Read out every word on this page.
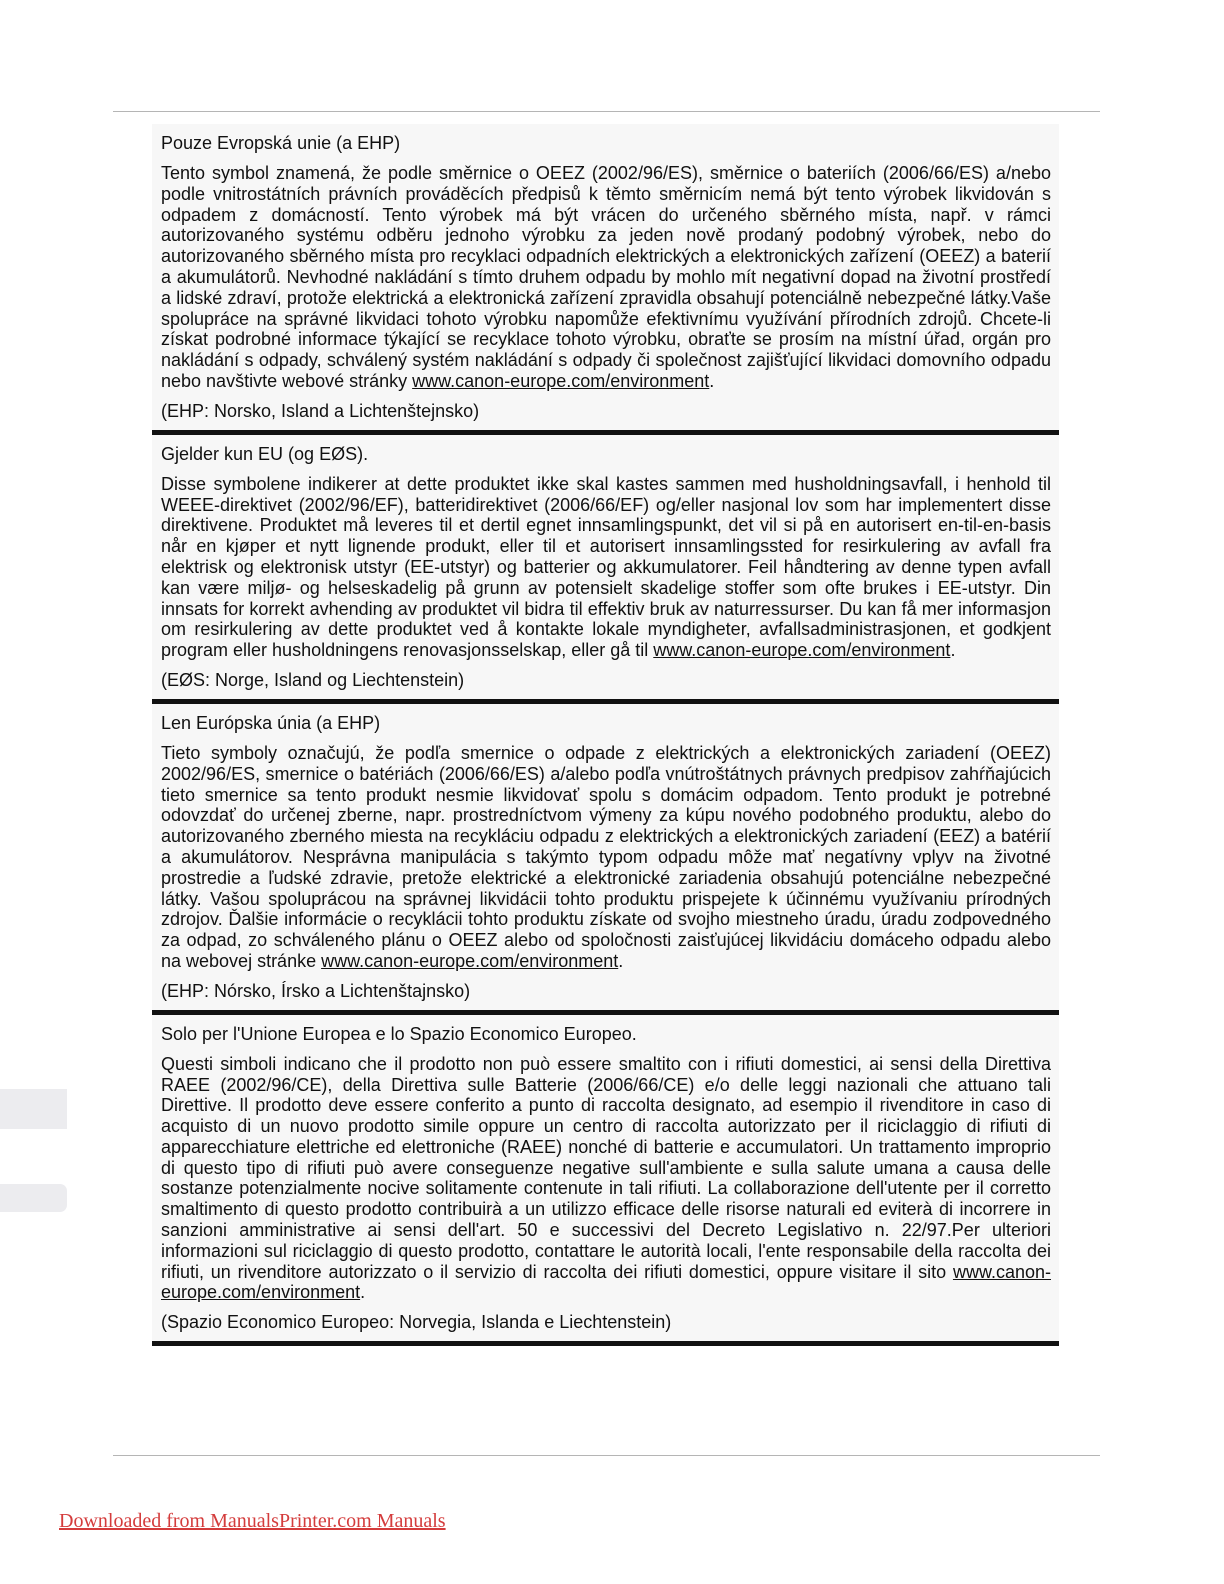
Pouze Evropská unie (a EHP)

Tento symbol znamená, že podle směrnice o OEEZ (2002/96/ES), směrnice o bateriích (2006/66/ES) a/nebo podle vnitrostátních právních prováděcích předpisů k těmto směrnicím nemá být tento výrobek likvidován s odpadem z domácností. Tento výrobek má být vrácen do určeného sběrného místa, např. v rámci autorizovaného systému odběru jednoho výrobku za jeden nově prodaný podobný výrobek, nebo do autorizovaného sběrného místa pro recyklaci odpadních elektrických a elektronických zařízení (OEEZ) a baterií a akumulátorů. Nevhodné nakládání s tímto druhem odpadu by mohlo mít negativní dopad na životní prostředí a lidské zdraví, protože elektrická a elektronická zařízení zpravidla obsahují potenciálně nebezpečné látky.Vaše spolupráce na správné likvidaci tohoto výrobku napomůže efektivnímu využívání přírodních zdrojů. Chcete-li získat podrobné informace týkající se recyklace tohoto výrobku, obraťte se prosím na místní úřad, orgán pro nakládání s odpady, schválený systém nakládání s odpady či společnost zajišťující likvidaci domovního odpadu nebo navštivte webové stránky www.canon-europe.com/environment.

(EHP: Norsko, Island a Lichtenštejnsko)

Gjelder kun EU (og EØS).

Disse symbolene indikerer at dette produktet ikke skal kastes sammen med husholdningsavfall, i henhold til WEEE-direktivet (2002/96/EF), batteridirektivet (2006/66/EF) og/eller nasjonal lov som har implementert disse direktivene. Produktet må leveres til et dertil egnet innsamlingspunkt, det vil si på en autorisert en-til-en-basis når en kjøper et nytt lignende produkt, eller til et autorisert innsamlingssted for resirkulering av avfall fra elektrisk og elektronisk utstyr (EE-utstyr) og batterier og akkumulatorer. Feil håndtering av denne typen avfall kan være miljø- og helseskadelig på grunn av potensielt skadelige stoffer som ofte brukes i EE-utstyr. Din innsats for korrekt avhending av produktet vil bidra til effektiv bruk av naturressurser. Du kan få mer informasjon om resirkulering av dette produktet ved å kontakte lokale myndigheter, avfallsadministrasjonen, et godkjent program eller husholdningens renovasjonsselskap, eller gå til www.canon-europe.com/environment.

(EØS: Norge, Island og Liechtenstein)

Len Európska únia (a EHP)

Tieto symboly označujú, že podľa smernice o odpade z elektrických a elektronických zariadení (OEEZ) 2002/96/ES, smernice o batériách (2006/66/ES) a/alebo podľa vnútroštátnych právnych predpisov zahŕňajúcich tieto smernice sa tento produkt nesmie likvidovať spolu s domácim odpadom. Tento produkt je potrebné odovzdať do určenej zberne, napr. prostredníctvom výmeny za kúpu nového podobného produktu, alebo do autorizovaného zberného miesta na recykláciu odpadu z elektrických a elektronických zariadení (EEZ) a batérií a akumulátorov. Nesprávna manipulácia s takýmto typom odpadu môže mať negatívny vplyv na životné prostredie a ľudské zdravie, pretože elektrické a elektronické zariadenia obsahujú potenciálne nebezpečné látky. Vašou spoluprácou na správnej likvidácii tohto produktu prispejete k účinnému využívaniu prírodných zdrojov. Ďalšie informácie o recyklácii tohto produktu získate od svojho miestneho úradu, úradu zodpovedného za odpad, zo schváleného plánu o OEEZ alebo od spoločnosti zaisťujúcej likvidáciu domáceho odpadu alebo na webovej stránke www.canon-europe.com/environment.

(EHP: Nórsko, Írsko a Lichtenštajnsko)

Solo per l'Unione Europea e lo Spazio Economico Europeo.

Questi simboli indicano che il prodotto non può essere smaltito con i rifiuti domestici, ai sensi della Direttiva RAEE (2002/96/CE), della Direttiva sulle Batterie (2006/66/CE) e/o delle leggi nazionali che attuano tali Direttive. Il prodotto deve essere conferito a punto di raccolta designato, ad esempio il rivenditore in caso di acquisto di un nuovo prodotto simile oppure un centro di raccolta autorizzato per il riciclaggio di rifiuti di apparecchiature elettriche ed elettroniche (RAEE) nonché di batterie e accumulatori. Un trattamento improprio di questo tipo di rifiuti può avere conseguenze negative sull'ambiente e sulla salute umana a causa delle sostanze potenzialmente nocive solitamente contenute in tali rifiuti. La collaborazione dell'utente per il corretto smaltimento di questo prodotto contribuirà a un utilizzo efficace delle risorse naturali ed eviterà di incorrere in sanzioni amministrative ai sensi dell'art. 50 e successivi del Decreto Legislativo n. 22/97.Per ulteriori informazioni sul riciclaggio di questo prodotto, contattare le autorità locali, l'ente responsabile della raccolta dei rifiuti, un rivenditore autorizzato o il servizio di raccolta dei rifiuti domestici, oppure visitare il sito www.canon-europe.com/environment.

(Spazio Economico Europeo: Norvegia, Islanda e Liechtenstein)

Downloaded from ManualsPrinter.com Manuals
